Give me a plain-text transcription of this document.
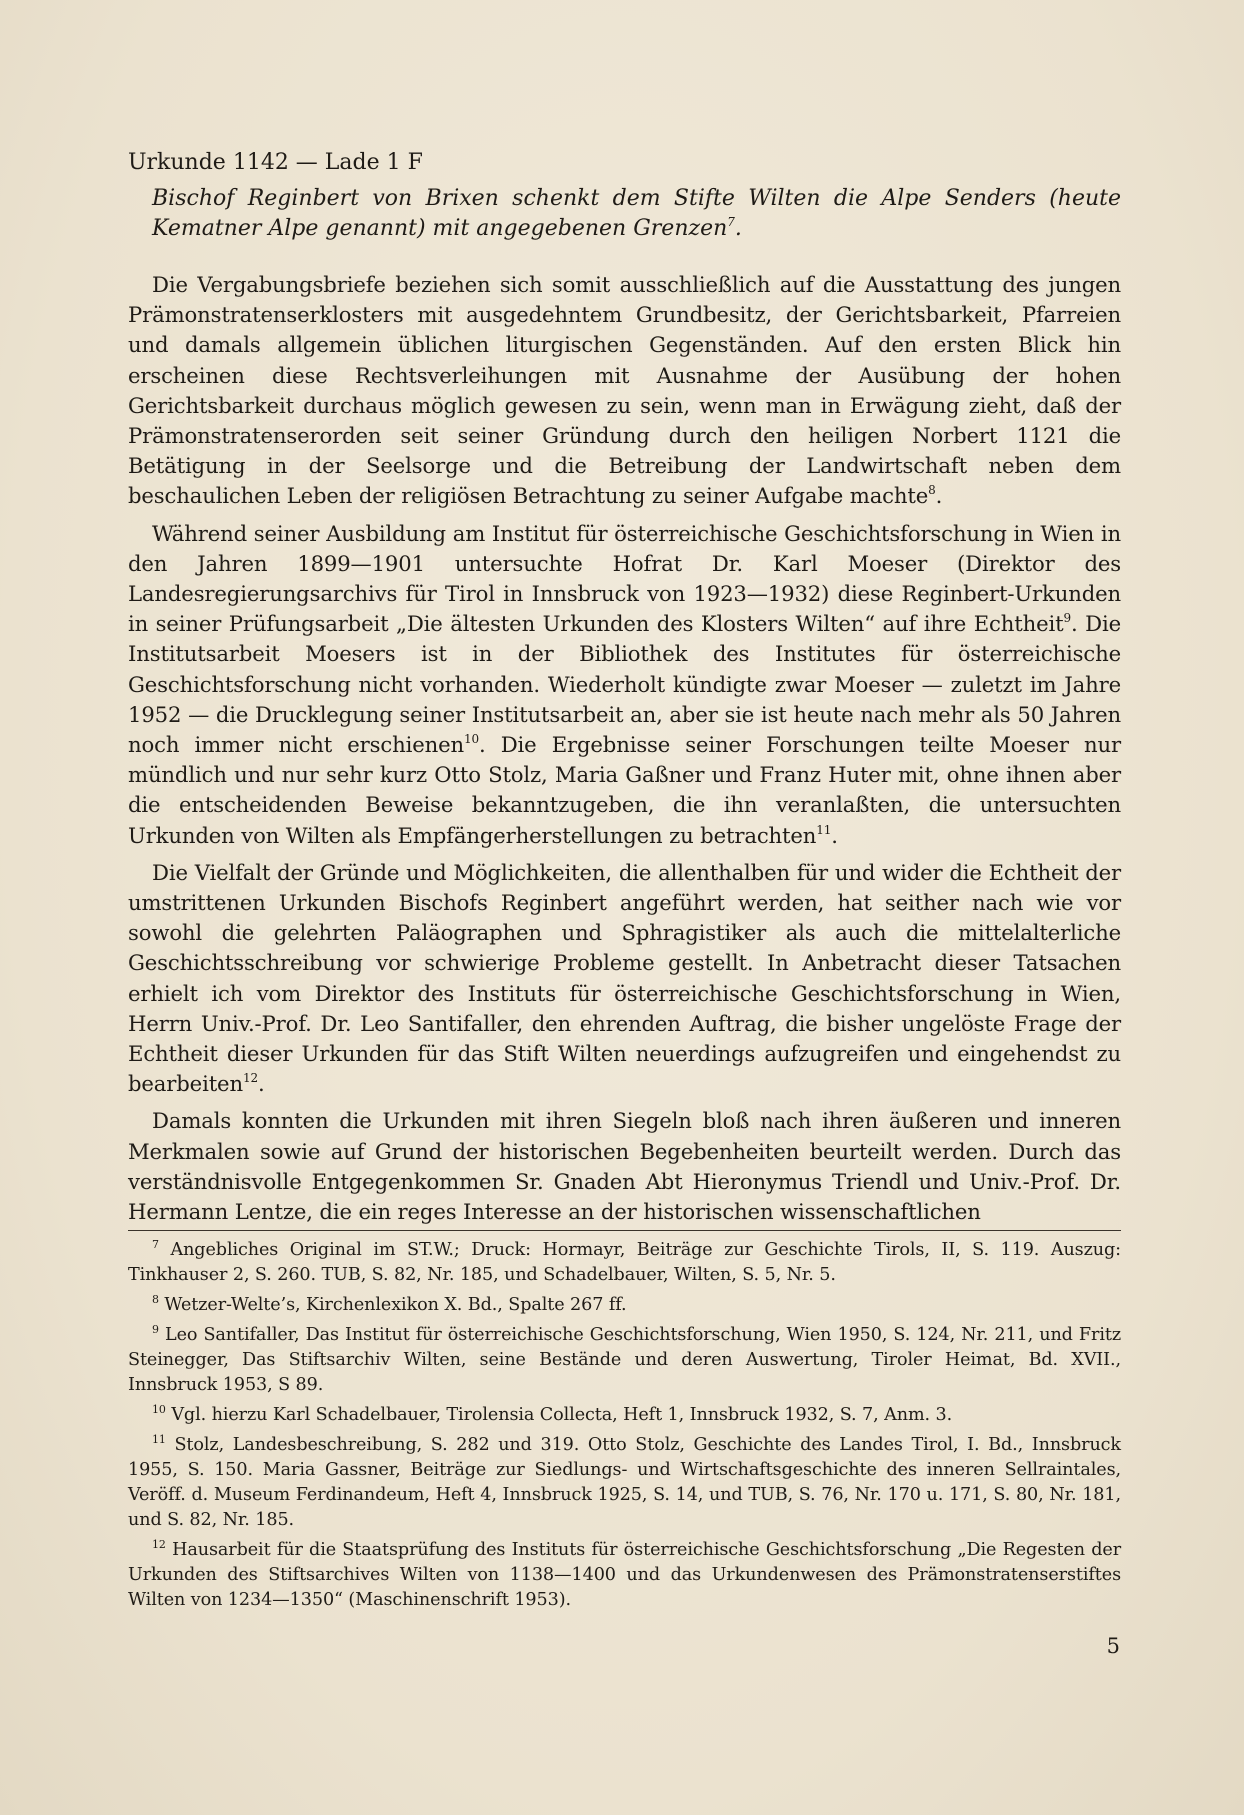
Urkunde 1142 — Lade 1 F

Bischof Reginbert von Brixen schenkt dem Stifte Wilten die Alpe Senders (heute Kematner Alpe genannt) mit angegebenen Grenzen$^7$.

Die Vergabungsbriefe beziehen sich somit ausschließlich auf die Ausstattung des jungen Prämonstratenserklosters mit ausgedehntem Grundbesitz, der Gerichtsbarkeit, Pfarreien und damals allgemein üblichen liturgischen Gegenständen. Auf den ersten Blick hin erscheinen diese Rechtsverleihungen mit Ausnahme der Ausübung der hohen Gerichtsbarkeit durchaus möglich gewesen zu sein, wenn man in Erwägung zieht, daß der Prämonstratenserorden seit seiner Gründung durch den heiligen Norbert 1121 die Betätigung in der Seelsorge und die Betreibung der Landwirtschaft neben dem beschaulichen Leben der religiösen Betrachtung zu seiner Aufgabe machte$^8$.

Während seiner Ausbildung am Institut für österreichische Geschichtsforschung in Wien in den Jahren 1899—1901 untersuchte Hofrat Dr. Karl Moeser (Direktor des Landesregierungsarchivs für Tirol in Innsbruck von 1923—1932) diese Reginbert-Urkunden in seiner Prüfungsarbeit „Die ältesten Urkunden des Klosters Wilten“ auf ihre Echtheit$^9$. Die Institutsarbeit Moesers ist in der Bibliothek des Institutes für österreichische Geschichtsforschung nicht vorhanden. Wiederholt kündigte zwar Moeser — zuletzt im Jahre 1952 — die Drucklegung seiner Institutsarbeit an, aber sie ist heute nach mehr als 50 Jahren noch immer nicht erschienen$^{10}$. Die Ergebnisse seiner Forschungen teilte Moeser nur mündlich und nur sehr kurz Otto Stolz, Maria Gaßner und Franz Huter mit, ohne ihnen aber die entscheidenden Beweise bekanntzugeben, die ihn veranlaßten, die untersuchten Urkunden von Wilten als Empfängerherstellungen zu betrachten$^{11}$.

Die Vielfalt der Gründe und Möglichkeiten, die allenthalben für und wider die Echtheit der umstrittenen Urkunden Bischofs Reginbert angeführt werden, hat seither nach wie vor sowohl die gelehrten Paläographen und Sphragistiker als auch die mittelalterliche Geschichtsschreibung vor schwierige Probleme gestellt. In Anbetracht dieser Tatsachen erhielt ich vom Direktor des Instituts für österreichische Geschichtsforschung in Wien, Herrn Univ.-Prof. Dr. Leo Santifaller, den ehrenden Auftrag, die bisher ungelöste Frage der Echtheit dieser Urkunden für das Stift Wilten neuerdings aufzugreifen und eingehendst zu bearbeiten$^{12}$.

Damals konnten die Urkunden mit ihren Siegeln bloß nach ihren äußeren und inneren Merkmalen sowie auf Grund der historischen Begebenheiten beurteilt werden. Durch das verständnisvolle Entgegenkommen Sr. Gnaden Abt Hieronymus Triendl und Univ.-Prof. Dr. Hermann Lentze, die ein reges Interesse an der historischen wissenschaftlichen

$^7$ Angebliches Original im ST.W.; Druck: Hormayr, Beiträge zur Geschichte Tirols, II, S. 119. Auszug: Tinkhauser 2, S. 260. TUB, S. 82, Nr. 185, und Schadelbauer, Wilten, S. 5, Nr. 5.

$^8$ Wetzer-Welte’s, Kirchenlexikon X. Bd., Spalte 267 ff.

$^9$ Leo Santifaller, Das Institut für österreichische Geschichtsforschung, Wien 1950, S. 124, Nr. 211, und Fritz Steinegger, Das Stiftsarchiv Wilten, seine Bestände und deren Auswertung, Tiroler Heimat, Bd. XVII., Innsbruck 1953, S 89.

$^{10}$ Vgl. hierzu Karl Schadelbauer, Tirolensia Collecta, Heft 1, Innsbruck 1932, S. 7, Anm. 3.

$^{11}$ Stolz, Landesbeschreibung, S. 282 und 319. Otto Stolz, Geschichte des Landes Tirol, I. Bd., Innsbruck 1955, S. 150. Maria Gassner, Beiträge zur Siedlungs- und Wirtschaftsgeschichte des inneren Sellraintales, Veröff. d. Museum Ferdinandeum, Heft 4, Innsbruck 1925, S. 14, und TUB, S. 76, Nr. 170 u. 171, S. 80, Nr. 181, und S. 82, Nr. 185.

$^{12}$ Hausarbeit für die Staatsprüfung des Instituts für österreichische Geschichtsforschung „Die Regesten der Urkunden des Stiftsarchives Wilten von 1138—1400 und das Urkundenwesen des Prämonstratenserstiftes Wilten von 1234—1350“ (Maschinenschrift 1953).

5
